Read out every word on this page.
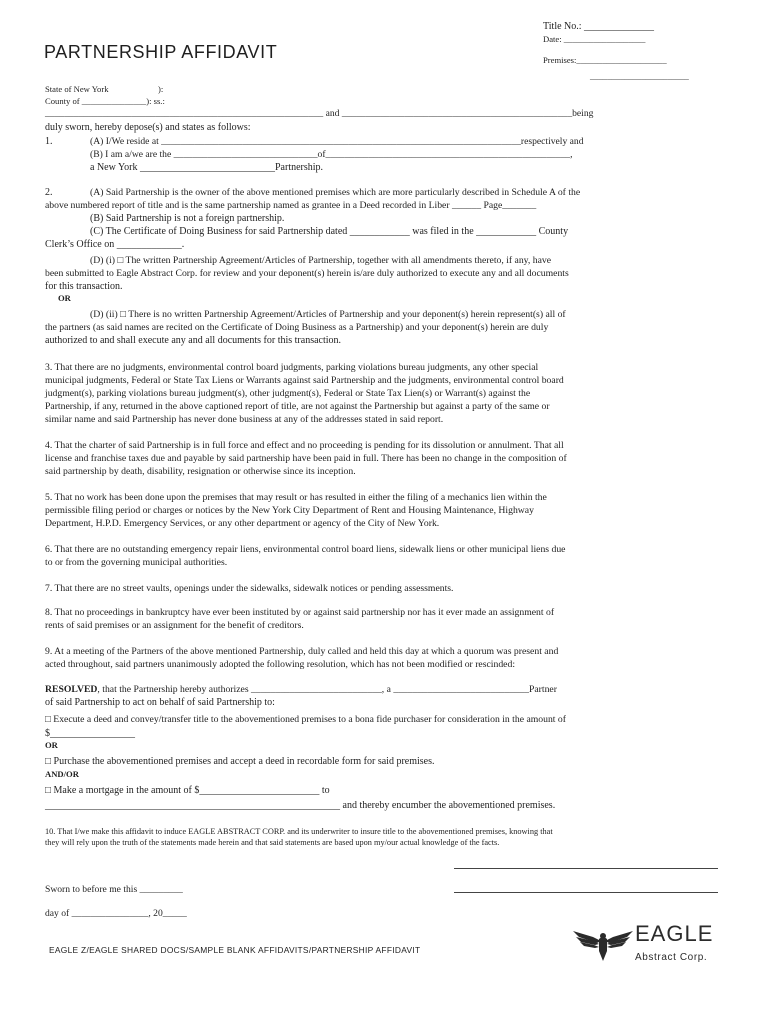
Title No.: ______________
Date: ___________________
Premises:_____________________
_______________________
PARTNERSHIP AFFIDAVIT
State of New York	):
County of _______________): ss.:
__________________________________________________________ and ________________________________________________being
duly sworn, hereby depose(s) and states as follows:
1.	(A) I/We reside at ___________________________________________________________________________respectively and
(B) I am a/we are the ______________________________of___________________________________________________,
a New York ___________________________Partnership.
2.	(A) Said Partnership is the owner of the above mentioned premises which are more particularly described in Schedule A of the
above numbered report of title and is the same partnership named as grantee in a Deed recorded in Liber ______ Page_______
(B) Said Partnership is not a foreign partnership.
(C) The Certificate of Doing Business for said Partnership dated ____________ was filed in the ____________ County
Clerk’s Office on _____________.
(D) (i) □ The written Partnership Agreement/Articles of Partnership, together with all amendments thereto, if any, have
been submitted to Eagle Abstract Corp. for review and your deponent(s) herein is/are duly authorized to execute any and all documents
for this transaction.
OR
(D) (ii) □ There is no written Partnership Agreement/Articles of Partnership and your deponent(s) herein represent(s) all of
the partners (as said names are recited on the Certificate of Doing Business as a Partnership) and your deponent(s) herein are duly
authorized to and shall execute any and all documents for this transaction.
3. That there are no judgments, environmental control board judgments, parking violations bureau judgments, any other special
municipal judgments, Federal or State Tax Liens or Warrants against said Partnership and the judgments, environmental control board
judgment(s), parking violations bureau judgment(s), other judgment(s), Federal or State Tax Lien(s) or Warrant(s) against the
Partnership, if any, returned in the above captioned report of title, are not against the Partnership but against a party of the same or
similar name and said Partnership has never done business at any of the addresses stated in said report.
4. That the charter of said Partnership is in full force and effect and no proceeding is pending for its dissolution or annulment. That all
license and franchise taxes due and payable by said partnership have been paid in full. There has been no change in the composition of
said partnership by death, disability, resignation or otherwise since its inception.
5. That no work has been done upon the premises that may result or has resulted in either the filing of a mechanics lien within the
permissible filing period or charges or notices by the New York City Department of Rent and Housing Maintenance, Highway
Department, H.P.D. Emergency Services, or any other department or agency of the City of New York.
6. That there are no outstanding emergency repair liens, environmental control board liens, sidewalk liens or other municipal liens due
to or from the governing municipal authorities.
7. That there are no street vaults, openings under the sidewalks, sidewalk notices or pending assessments.
8. That no proceedings in bankruptcy have ever been instituted by or against said partnership nor has it ever made an assignment of
rents of said premises or an assignment for the benefit of creditors.
9. At a meeting of the Partners of the above mentioned Partnership, duly called and held this day at which a quorum was present and
acted throughout, said partners unanimously adopted the following resolution, which has not been modified or rescinded:
RESOLVED, that the Partnership hereby authorizes ___________________________, a ____________________________Partner
of said Partnership to act on behalf of said Partnership to:
□ Execute a deed and convey/transfer title to the abovementioned premises to a bona fide purchaser for consideration in the amount of
$_________________
OR
□ Purchase the abovementioned premises and accept a deed in recordable form for said premises.
AND/OR
□ Make a mortgage in the amount of $________________________ to
___________________________________________________________ and thereby encumber the abovementioned premises.
10. That I/we make this affidavit to induce EAGLE ABSTRACT CORP. and its underwriter to insure title to the abovementioned premises, knowing that
they will rely upon the truth of the statements made herein and that said statements are based upon my/our actual knowledge of the facts.
Sworn to before me this _________
day of ________________, 20_____
EAGLE Z/EAGLE SHARED DOCS/SAMPLE BLANK AFFIDAVITS/PARTNERSHIP AFFIDAVIT
EAGLE
Abstract Corp.
